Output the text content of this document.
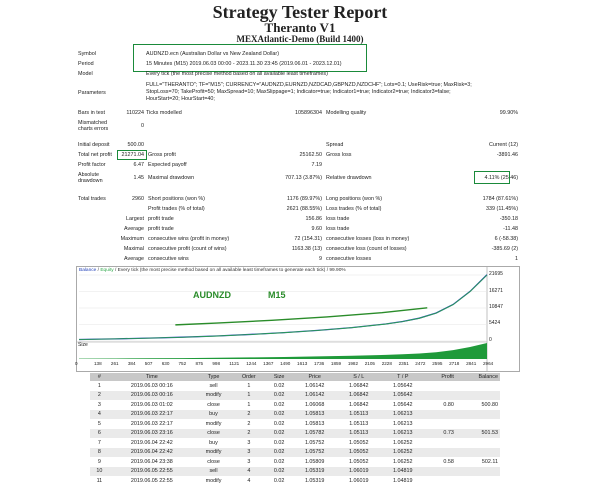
Strategy Tester Report
Theranto V1
MEXAtlantic-Demo (Build 1400)
Symbol	AUDNZD.ecn (Australian Dollar vs New Zealand Dollar)
Period	15 Minutes (M15) 2019.06.03 00:00 - 2023.11.30 23:45 (2019.06.01 - 2023.12.01)
Model	Every tick (the most precise method based on all available least timeframes)
Parameters
FULL="THERANTO"; TF="M15"; CURRENCY="AUDNZD,EURNZD,NZDCAD,GBPNZD,NZDCHF"; Lots=0.1; UseRisk=true; MaxRisk=3;
StopLoss=70; TakeProfit=50; MaxSpread=10; MaxSlippage=1; Indicator=true; Indicator1=true; Indicator2=true; Indicator3=false;
HourStart=20; HourStart=40;
Bars in test	110224 Ticks modelled	105896304 Modelling quality	99.90%
Mismatched
charts errors	0
Initial deposit	500.00	Spread	Current (12)
Total net profit	21271.04 Gross profit	25162.50 Gross loss	-3891.46
Profit factor	6.47 Expected payoff	7.19
Absolute
drawdown	1.45 Maximal drawdown	707.13 (3.87%) Relative drawdown	4.11% (25.46)
Total trades	2960 Short positions (won %)	1176 (89.97%) Long positions (won %)	1784 (87.61%)
Profit trades (% of total)	2621 (88.55%) Loss trades (% of total)	339 (11.45%)
Largest profit trade	156.86 loss trade	-350.18
Average profit trade	9.60 loss trade	-11.48
Maximum consecutive wins (profit in money)	72 (154.31) consecutive losses (loss in money)	6 (-58.38)
Maximal consecutive profit (count of wins)	1163.38 (13) consecutive loss (count of losses)	-385.69 (2)
Average consecutive wins	9 consecutive losses	1
Balance / Equity / Every tick (the most precise method based on all available least timeframes to generate each tick) / 99.90%
AUDNZD	M15
Size
21695
16271
10847
5424
0
0	138 261 384 507 630 752 875 998 1121 1244 1367 1490 1613 1736 1859 1982 2105 2228 2351 2472 2595 2718 2841 2964
#	Time	Type	Order	Size	Price	S / L	T / P	Profit	Balance
1	2019.06.03 00:16	sell	1	0.02	1.06142	1.06842	1.05642		
2	2019.06.03 00:16	modify	1	0.02	1.06142	1.06842	1.05642		
3	2019.06.03 01:02	close	1	0.02	1.06068	1.06842	1.05642	0.80	500.80
4	2019.06.03 22:17	buy	2	0.02	1.05813	1.05113	1.06213		
5	2019.06.03 22:17	modify	2	0.02	1.05813	1.05113	1.06213		
6	2019.06.03 23:16	close	2	0.02	1.05782	1.05113	1.06213	0.73	501.53
7	2019.06.04 22:42	buy	3	0.02	1.05752	1.05052	1.06252		
8	2019.06.04 22:42	modify	3	0.02	1.05752	1.05052	1.06252		
9	2019.06.04 23:38	close	3	0.02	1.05809	1.05052	1.06252	0.58	502.11
10	2019.06.05 22:55	sell	4	0.02	1.05319	1.06019	1.04819		
11	2019.06.05 22:55	modify	4	0.02	1.05319	1.06019	1.04819		
